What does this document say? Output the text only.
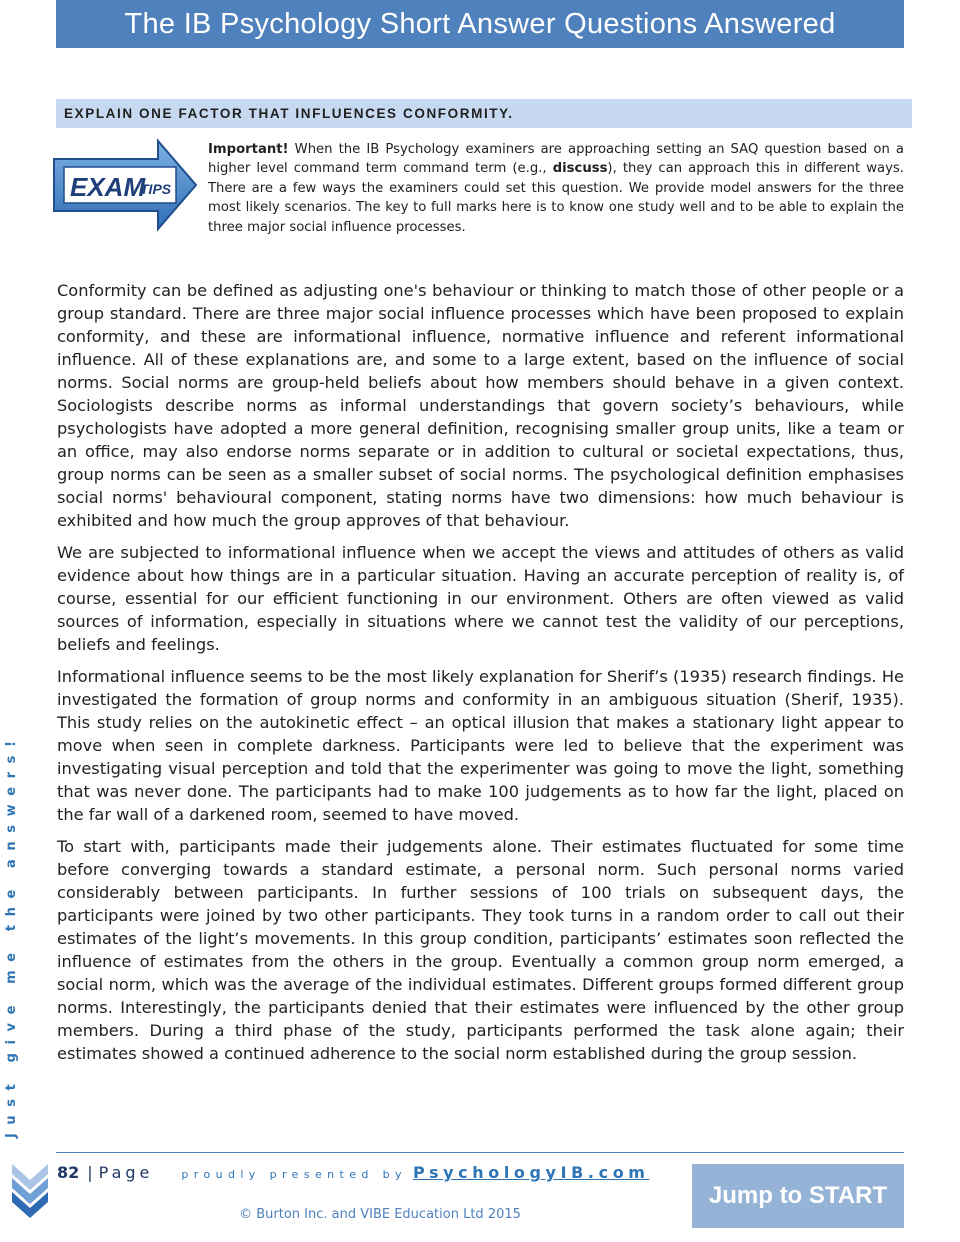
The IB Psychology Short Answer Questions Answered
EXPLAIN ONE FACTOR THAT INFLUENCES CONFORMITY.
EXAM
TIPS
Important! When the IB Psychology examiners are approaching setting an SAQ question based on a higher level command term command term (e.g., discuss), they can approach this in different ways. There are a few ways the examiners could set this question. We provide model answers for the three most likely scenarios. The key to full marks here is to know one study well and to be able to explain the three major social influence processes.

Conformity can be defined as adjusting one's behaviour or thinking to match those of other people or a group standard. There are three major social influence processes which have been proposed to explain conformity, and these are informational influence, normative influence and referent informational influence. All of these explanations are, and some to a large extent, based on the influence of social norms. Social norms are group-held beliefs about how members should behave in a given context. Sociologists describe norms as informal understandings that govern society’s behaviours, while psychologists have adopted a more general definition, recognising smaller group units, like a team or an office, may also endorse norms separate or in addition to cultural or societal expectations, thus, group norms can be seen as a smaller subset of social norms. The psychological definition emphasises social norms' behavioural component, stating norms have two dimensions: how much behaviour is exhibited and how much the group approves of that behaviour.

We are subjected to informational influence when we accept the views and attitudes of others as valid evidence about how things are in a particular situation. Having an accurate perception of reality is, of course, essential for our efficient functioning in our environment. Others are often viewed as valid sources of information, especially in situations where we cannot test the validity of our perceptions, beliefs and feelings.

Informational influence seems to be the most likely explanation for Sherif’s (1935) research findings. He investigated the formation of group norms and conformity in an ambiguous situation (Sherif, 1935). This study relies on the autokinetic effect – an optical illusion that makes a stationary light appear to move when seen in complete darkness. Participants were led to believe that the experiment was investigating visual perception and told that the experimenter was going to move the light, something that was never done. The participants had to make 100 judgements as to how far the light, placed on the far wall of a darkened room, seemed to have moved.

To start with, participants made their judgements alone. Their estimates fluctuated for some time before converging towards a standard estimate, a personal norm. Such personal norms varied considerably between participants. In further sessions of 100 trials on subsequent days, the participants were joined by two other participants. They took turns in a random order to call out their estimates of the light’s movements. In this group condition, participants’ estimates soon reflected the influence of estimates from the others in the group. Eventually a common group norm emerged, a social norm, which was the average of the individual estimates. Different groups formed different group norms. Interestingly, the participants denied that their estimates were influenced by the other group members. During a third phase of the study, participants performed the task alone again; their estimates showed a continued adherence to the social norm established during the group session.

Just give me the answers!
82 | Page	proudly presented by PsychologyIB.com
© Burton Inc. and VIBE Education Ltd 2015
Jump to START
